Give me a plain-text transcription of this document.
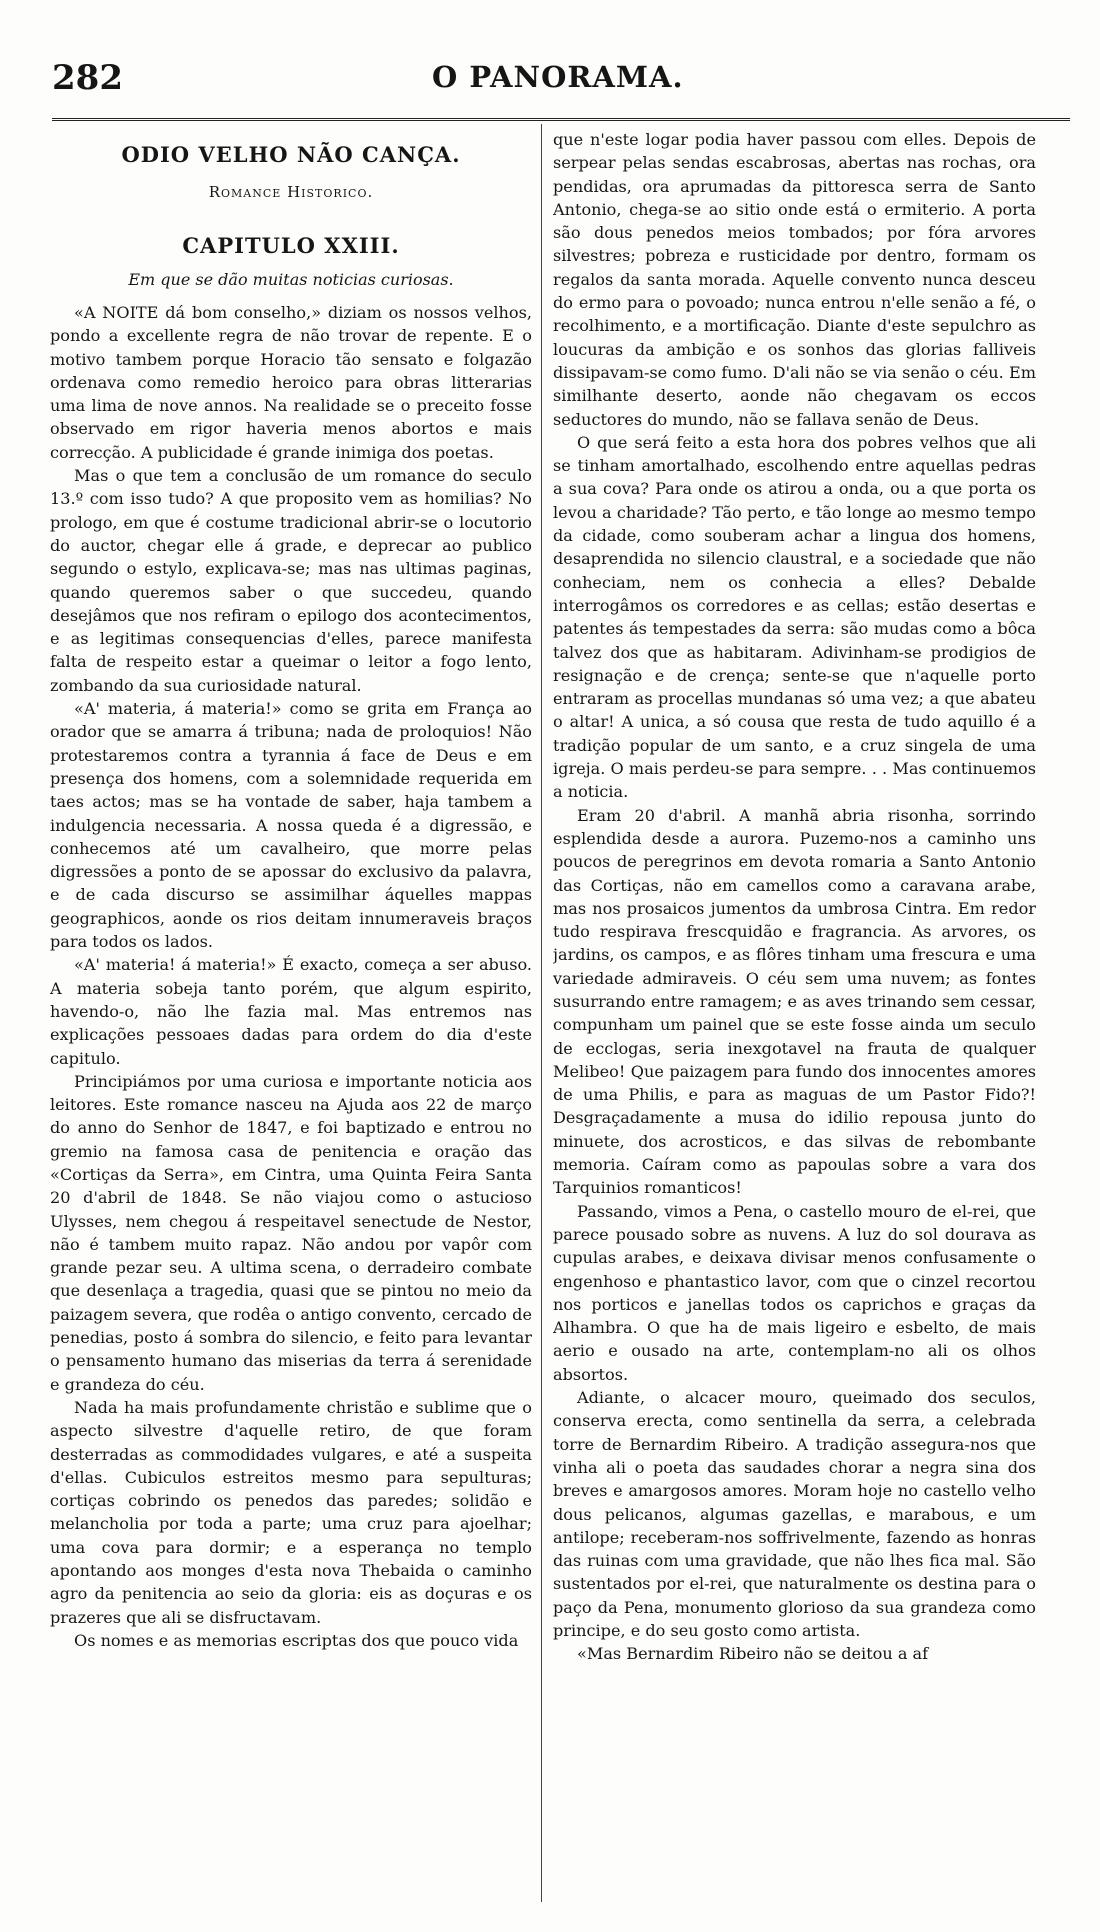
282	O PANORAMA.
ODIO VELHO NÃO CANÇA.
Romance Historico.
CAPITULO XXIII.
Em que se dão muitas noticias curiosas.

«A NOITE dá bom conselho,» diziam os nossos velhos, pondo a excellente regra de não trovar de repente. E o motivo tambem porque Horacio tão sensato e folgazão ordenava como remedio heroico para obras litterarias uma lima de nove annos. Na realidade se o preceito fosse observado em rigor haveria menos abortos e mais correcção. A publicidade é grande inimiga dos poetas.

Mas o que tem a conclusão de um romance do seculo 13.º com isso tudo? A que proposito vem as homilias? No prologo, em que é costume tradicional abrir-se o locutorio do auctor, chegar elle á grade, e deprecar ao publico segundo o estylo, explicava-se; mas nas ultimas paginas, quando queremos saber o que succedeu, quando desejâmos que nos refiram o epilogo dos acontecimentos, e as legitimas consequencias d'elles, parece manifesta falta de respeito estar a queimar o leitor a fogo lento, zombando da sua curiosidade natural.

«A' materia, á materia!» como se grita em França ao orador que se amarra á tribuna; nada de proloquios! Não protestaremos contra a tyrannia á face de Deus e em presença dos homens, com a solemnidade requerida em taes actos; mas se ha vontade de saber, haja tambem a indulgencia necessaria. A nossa queda é a digressão, e conhecemos até um cavalheiro, que morre pelas digressões a ponto de se apossar do exclusivo da palavra, e de cada discurso se assimilhar áquelles mappas geographicos, aonde os rios deitam innumeraveis braços para todos os lados.

«A' materia! á materia!» É exacto, começa a ser abuso. A materia sobeja tanto porém, que algum espirito, havendo-o, não lhe fazia mal. Mas entremos nas explicações pessoaes dadas para ordem do dia d'este capitulo.

Principiámos por uma curiosa e importante noticia aos leitores. Este romance nasceu na Ajuda aos 22 de março do anno do Senhor de 1847, e foi baptizado e entrou no gremio na famosa casa de penitencia e oração das «Cortiças da Serra», em Cintra, uma Quinta Feira Santa 20 d'abril de 1848. Se não viajou como o astucioso Ulysses, nem chegou á respeitavel senectude de Nestor, não é tambem muito rapaz. Não andou por vapôr com grande pezar seu. A ultima scena, o derradeiro combate que desenlaça a tragedia, quasi que se pintou no meio da paizagem severa, que rodêa o antigo convento, cercado de penedias, posto á sombra do silencio, e feito para levantar o pensamento humano das miserias da terra á serenidade e grandeza do céu.

Nada ha mais profundamente christão e sublime que o aspecto silvestre d'aquelle retiro, de que foram desterradas as commodidades vulgares, e até a suspeita d'ellas. Cubiculos estreitos mesmo para sepulturas; cortiças cobrindo os penedos das paredes; solidão e melancholia por toda a parte; uma cruz para ajoelhar; uma cova para dormir; e a esperança no templo apontando aos monges d'esta nova Thebaida o caminho agro da penitencia ao seio da gloria: eis as doçuras e os prazeres que ali se disfructavam.

Os nomes e as memorias escriptas dos que pouco vida

que n'este logar podia haver passou com elles. Depois de serpear pelas sendas escabrosas, abertas nas rochas, ora pendidas, ora aprumadas da pittoresca serra de Santo Antonio, chega-se ao sitio onde está o ermiterio. A porta são dous penedos meios tombados; por fóra arvores silvestres; pobreza e rusticidade por dentro, formam os regalos da santa morada. Aquelle convento nunca desceu do ermo para o povoado; nunca entrou n'elle senão a fé, o recolhimento, e a mortificação. Diante d'este sepulchro as loucuras da ambição e os sonhos das glorias falliveis dissipavam-se como fumo. D'ali não se via senão o céu. Em similhante deserto, aonde não chegavam os eccos seductores do mundo, não se fallava senão de Deus.

O que será feito a esta hora dos pobres velhos que ali se tinham amortalhado, escolhendo entre aquellas pedras a sua cova? Para onde os atirou a onda, ou a que porta os levou a charidade? Tão perto, e tão longe ao mesmo tempo da cidade, como souberam achar a lingua dos homens, desaprendida no silencio claustral, e a sociedade que não conheciam, nem os conhecia a elles? Debalde interrogâmos os corredores e as cellas; estão desertas e patentes ás tempestades da serra: são mudas como a bôca talvez dos que as habitaram. Adivinham-se prodigios de resignação e de crença; sente-se que n'aquelle porto entraram as procellas mundanas só uma vez; a que abateu o altar! A unica, a só cousa que resta de tudo aquillo é a tradição popular de um santo, e a cruz singela de uma igreja. O mais perdeu-se para sempre. . . Mas continuemos a noticia.

Eram 20 d'abril. A manhã abria risonha, sorrindo esplendida desde a aurora. Puzemo-nos a caminho uns poucos de peregrinos em devota romaria a Santo Antonio das Cortiças, não em camellos como a caravana arabe, mas nos prosaicos jumentos da umbrosa Cintra. Em redor tudo respirava frescquidão e fragrancia. As arvores, os jardins, os campos, e as flôres tinham uma frescura e uma variedade admiraveis. O céu sem uma nuvem; as fontes susurrando entre ramagem; e as aves trinando sem cessar, compunham um painel que se este fosse ainda um seculo de ecclogas, seria inexgotavel na frauta de qualquer Melibeo! Que paizagem para fundo dos innocentes amores de uma Philis, e para as maguas de um Pastor Fido?! Desgraçadamente a musa do idilio repousa junto do minuete, dos acrosticos, e das silvas de rebombante memoria. Caíram como as papoulas sobre a vara dos Tarquinios romanticos!

Passando, vimos a Pena, o castello mouro de el-rei, que parece pousado sobre as nuvens. A luz do sol dourava as cupulas arabes, e deixava divisar menos confusamente o engenhoso e phantastico lavor, com que o cinzel recortou nos porticos e janellas todos os caprichos e graças da Alhambra. O que ha de mais ligeiro e esbelto, de mais aerio e ousado na arte, contemplam-no ali os olhos absortos.

Adiante, o alcacer mouro, queimado dos seculos, conserva erecta, como sentinella da serra, a celebrada torre de Bernardim Ribeiro. A tradição assegura-nos que vinha ali o poeta das saudades chorar a negra sina dos breves e amargosos amores. Moram hoje no castello velho dous pelicanos, algumas gazellas, e marabous, e um antilope; receberam-nos soffrivelmente, fazendo as honras das ruinas com uma gravidade, que não lhes fica mal. São sustentados por el-rei, que naturalmente os destina para o paço da Pena, monumento glorioso da sua grandeza como principe, e do seu gosto como artista.

«Mas Bernardim Ribeiro não se deitou a af
